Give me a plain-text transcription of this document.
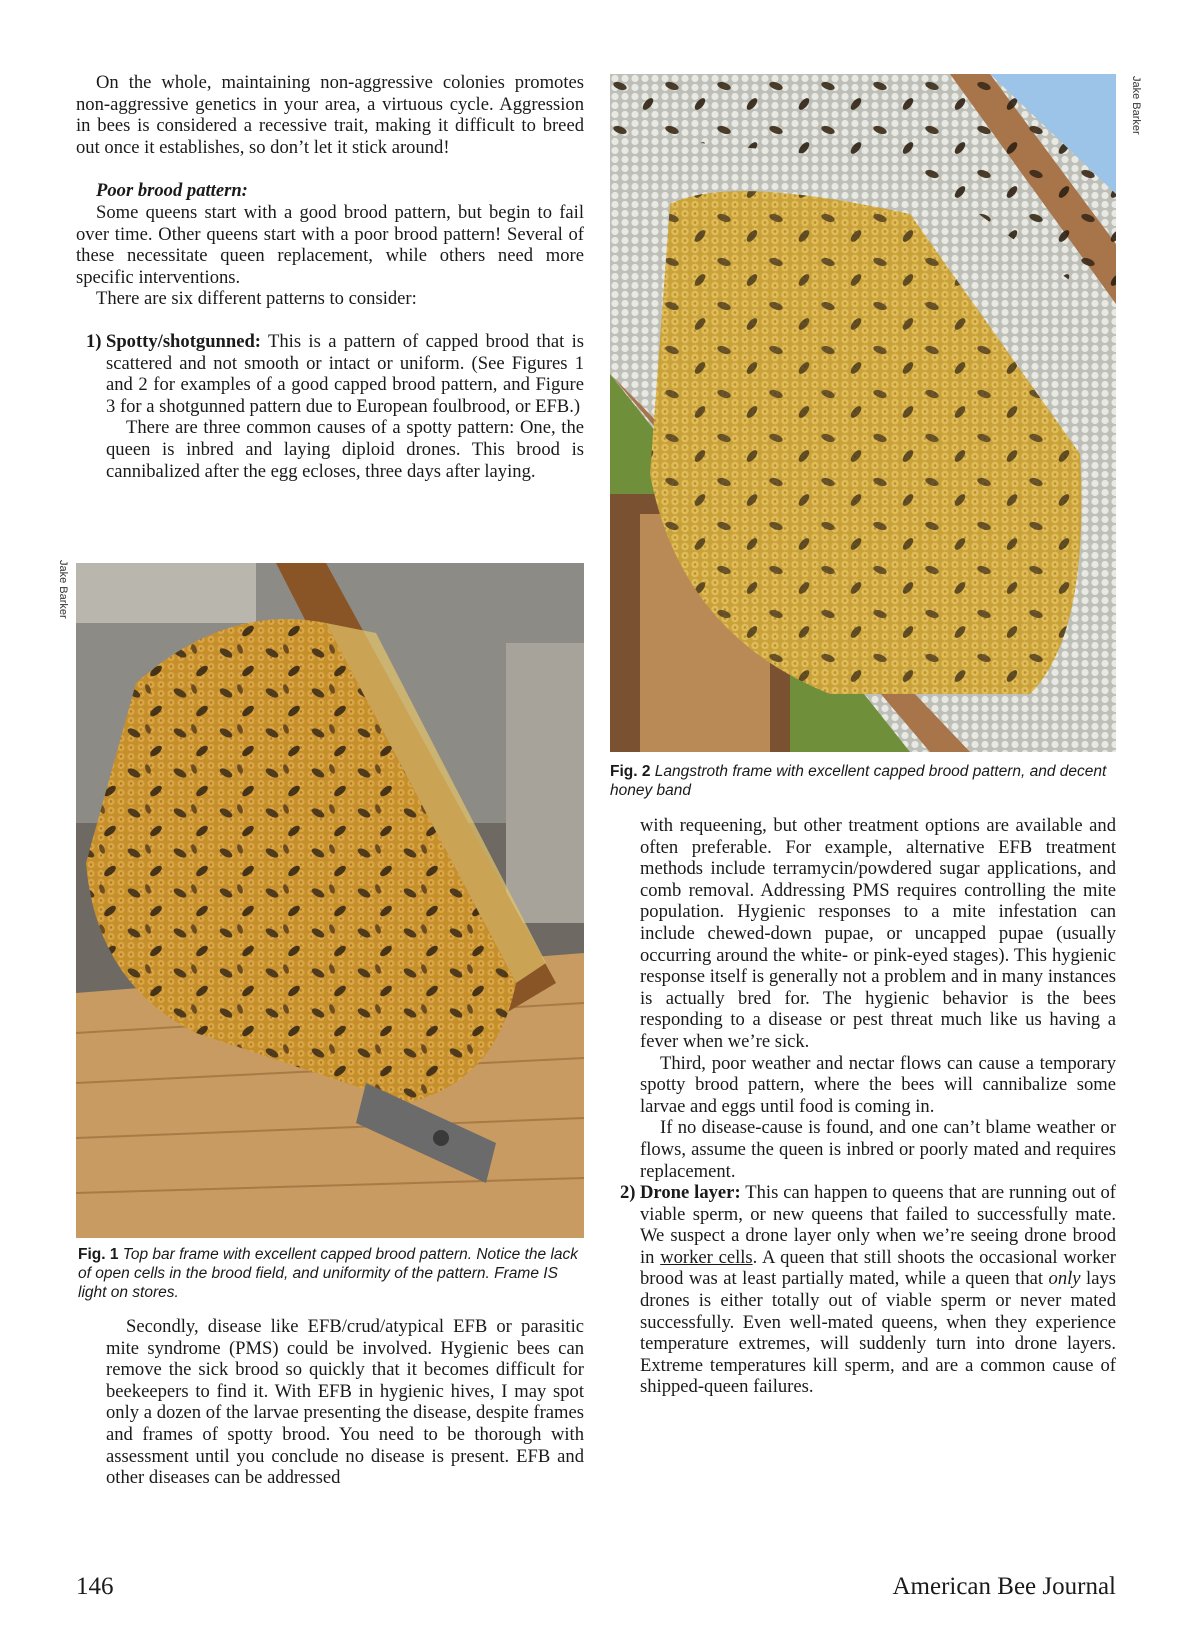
On the whole, maintaining non-aggressive colonies promotes non-aggressive genetics in your area, a virtuous cycle. Aggression in bees is considered a recessive trait, making it difficult to breed out once it establishes, so don’t let it stick around!

Poor brood pattern:

Some queens start with a good brood pattern, but begin to fail over time. Other queens start with a poor brood pattern! Several of these necessitate queen replacement, while others need more specific interventions.

There are six different patterns to consider:

1) Spotty/shotgunned: This is a pattern of capped brood that is scattered and not smooth or intact or uniform. (See Figures 1 and 2 for examples of a good capped brood pattern, and Figure 3 for a shotgunned pattern due to European foulbrood, or EFB.)

There are three common causes of a spotty pattern: One, the queen is inbred and laying diploid drones. This brood is cannibalized after the egg ecloses, three days after laying.

Jake Barker
Fig. 1 Top bar frame with excellent capped brood pattern. Notice the lack of open cells in the brood field, and uniformity of the pattern. Frame IS light on stores.

Secondly, disease like EFB/crud/atypical EFB or parasitic mite syndrome (PMS) could be involved. Hygienic bees can remove the sick brood so quickly that it becomes difficult for beekeepers to find it. With EFB in hygienic hives, I may spot only a dozen of the larvae presenting the disease, despite frames and frames of spotty brood. You need to be thorough with assessment until you conclude no disease is present. EFB and other diseases can be addressed

Jake Barker
Fig. 2 Langstroth frame with excellent capped brood pattern, and decent honey band

with requeening, but other treatment options are available and often preferable. For example, alternative EFB treatment methods include terramycin/powdered sugar applications, and comb removal. Addressing PMS requires controlling the mite population. Hygienic responses to a mite infestation can include chewed-down pupae, or uncapped pupae (usually occurring around the white- or pink-eyed stages). This hygienic response itself is generally not a problem and in many instances is actually bred for. The hygienic behavior is the bees responding to a disease or pest threat much like us having a fever when we’re sick.

Third, poor weather and nectar flows can cause a temporary spotty brood pattern, where the bees will cannibalize some larvae and eggs until food is coming in.

If no disease-cause is found, and one can’t blame weather or flows, assume the queen is inbred or poorly mated and requires replacement.

2) Drone layer: This can happen to queens that are running out of viable sperm, or new queens that failed to successfully mate. We suspect a drone layer only when we’re seeing drone brood in worker cells. A queen that still shoots the occasional worker brood was at least partially mated, while a queen that only lays drones is either totally out of viable sperm or never mated successfully. Even well-mated queens, when they experience temperature extremes, will suddenly turn into drone layers. Extreme temperatures kill sperm, and are a common cause of shipped-queen failures.

146	American Bee Journal
